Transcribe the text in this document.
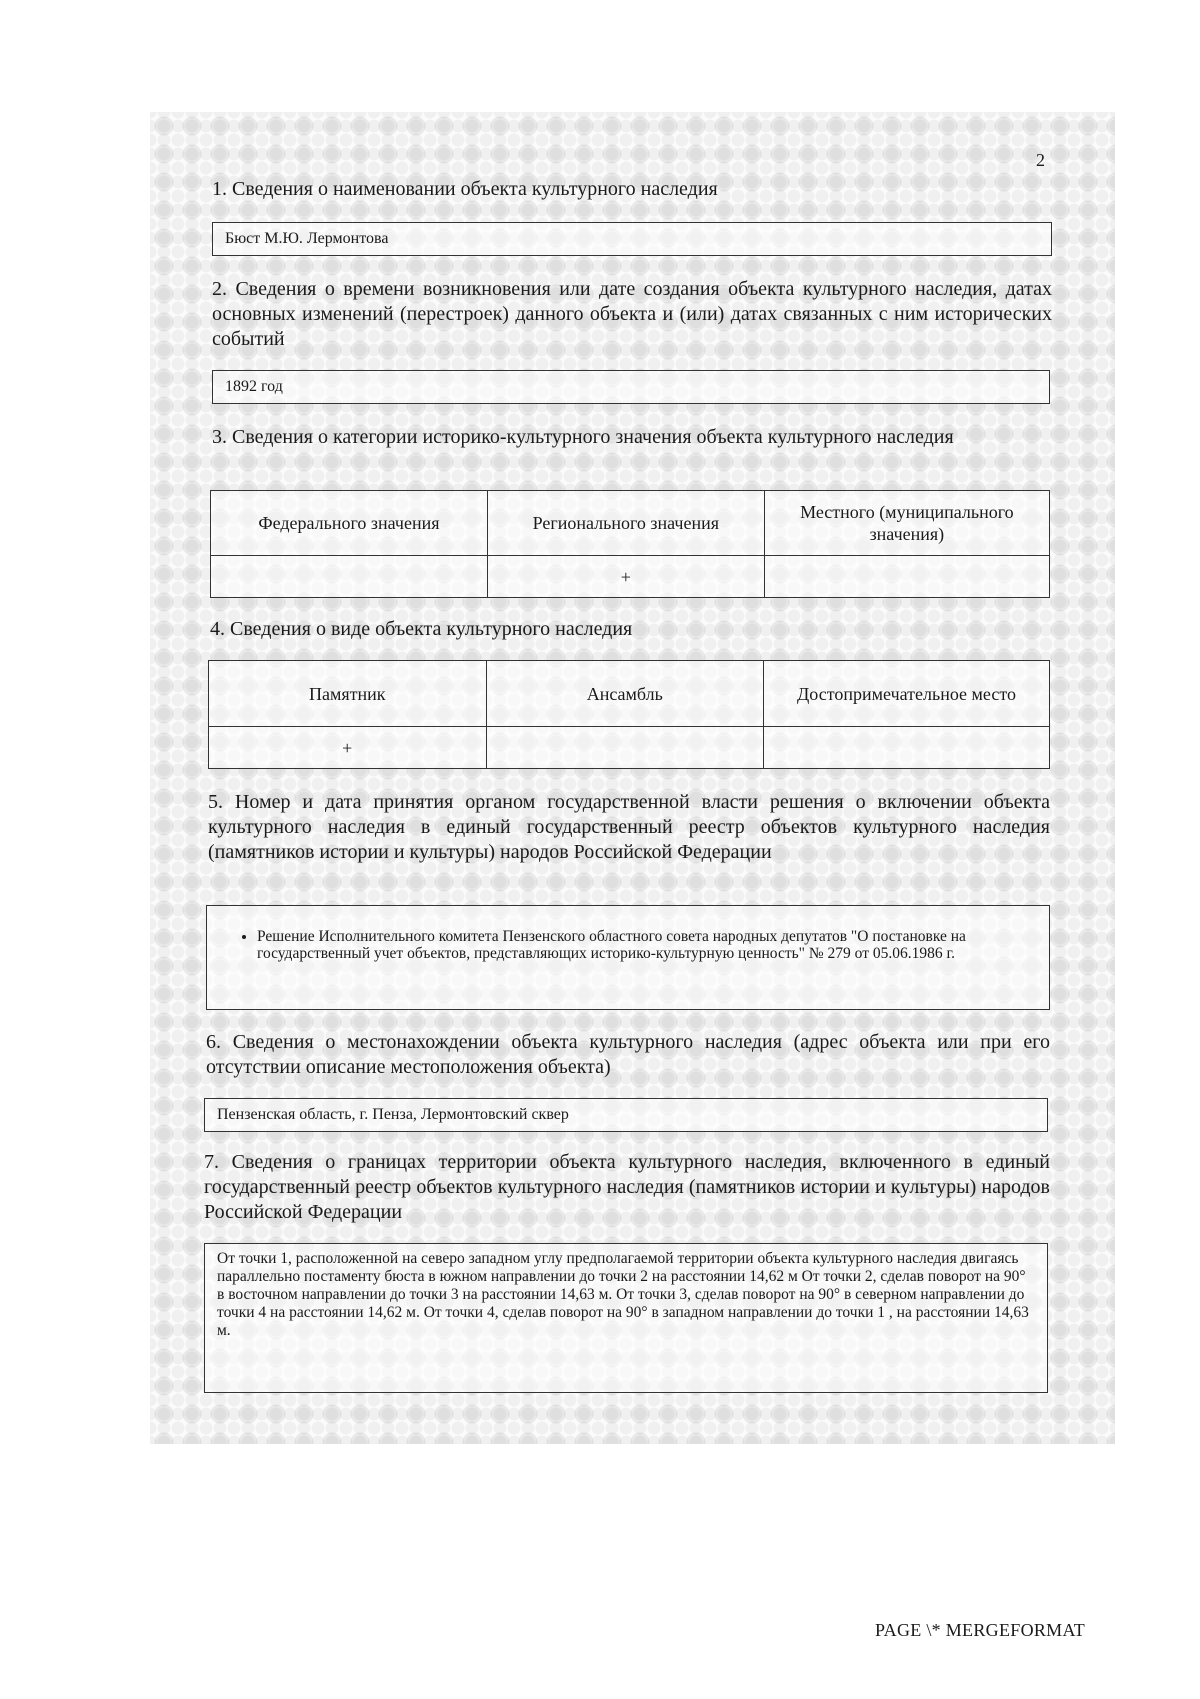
2

1. Сведения о наименовании объекта культурного наследия

Бюст М.Ю. Лермонтова

2. Сведения о времени возникновения или дате создания объекта культурного наследия, датах основных изменений (перестроек) данного объекта и (или) датах связанных с ним исторических событий

1892 год

3. Сведения о категории историко-культурного значения объекта культурного наследия

Федерального значения	Регионального значения	Местного (муниципального значения)
	+	

4. Сведения о виде объекта культурного наследия

Памятник	Ансамбль	Достопримечательное место
+		

5. Номер и дата принятия органом государственной власти решения о включении объекта культурного наследия в единый государственный реестр объектов культурного наследия (памятников истории и культуры) народов Российской Федерации

• Решение Исполнительного комитета Пензенского областного совета народных депутатов "О постановке на государственный учет объектов, представляющих историко-культурную ценность" № 279 от 05.06.1986 г.

6. Сведения о местонахождении объекта культурного наследия (адрес объекта или при его отсутствии описание местоположения объекта)

Пензенская область, г. Пенза, Лермонтовский сквер

7. Сведения о границах территории объекта культурного наследия, включенного в единый государственный реестр объектов культурного наследия (памятников истории и культуры) народов Российской Федерации

От точки 1, расположенной на северо западном углу предполагаемой территории объекта культурного наследия двигаясь параллельно постаменту бюста в южном направлении до точки 2 на расстоянии 14,62 м От точки 2, сделав поворот на 90° в восточном направлении до точки 3 на расстоянии 14,63 м. От точки 3, сделав поворот на 90° в северном направлении до точки 4 на расстоянии 14,62 м. От точки 4, сделав поворот на 90° в западном направлении до точки 1 , на расстоянии 14,63 м.
PAGE \* MERGEFORMAT
